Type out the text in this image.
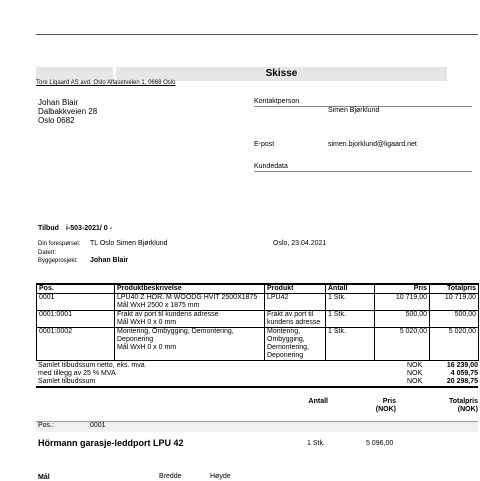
Skisse
Tore Ligaard AS avd. Oslo Alfasetveien 1, 0668 Oslo
Johan Blair
Dalbakkveien 28
Oslo 0682
Kontaktperson
Simen Bjørklund
E-post	simen.bjorklund@ligaard.net
Kundedata
Tilbud i-503-2021/ 0 -
Din forespørsel: TL Oslo Simen Bjørklund	Oslo, 23.04.2021
Datert:
Byggeprosjekt: Johan Blair
Pos.	Produktbeskrivelse	Produkt	Antall	Pris	Totalpris
0001	LPU40 Z HOR. M WOODG HVIT 2500X1875
Mål WxH 2500 x 1875 mm	LPU42	1 Stk.	10 719,00	10 719,00
0001:0001	Frakt av port til kundens adresse
Mål WxH 0 x 0 mm	Frakt av port til
kundens adresse	1 Stk.	500,00	500,00
0001:0002	Montering, Ombygging, Demontering,
Deponering
Mål WxH 0 x 0 mm	Montering,
Ombygging,
Demontering,
Deponering	1 Stk.	5 020,00	5 020,00
Samlet tilbudssum netto, eks. mva	NOK	16 239,00
med tillegg av 25 % MVA	NOK	4 059,75
Samlet tilbudssum	NOK	20 298,75
Antall	Pris
(NOK)
Totalpris
(NOK)
Pos.:	0001
Hörmann garasje-leddport LPU 42	1 Stk.	5 096,00
Mål	Bredde	Høyde
